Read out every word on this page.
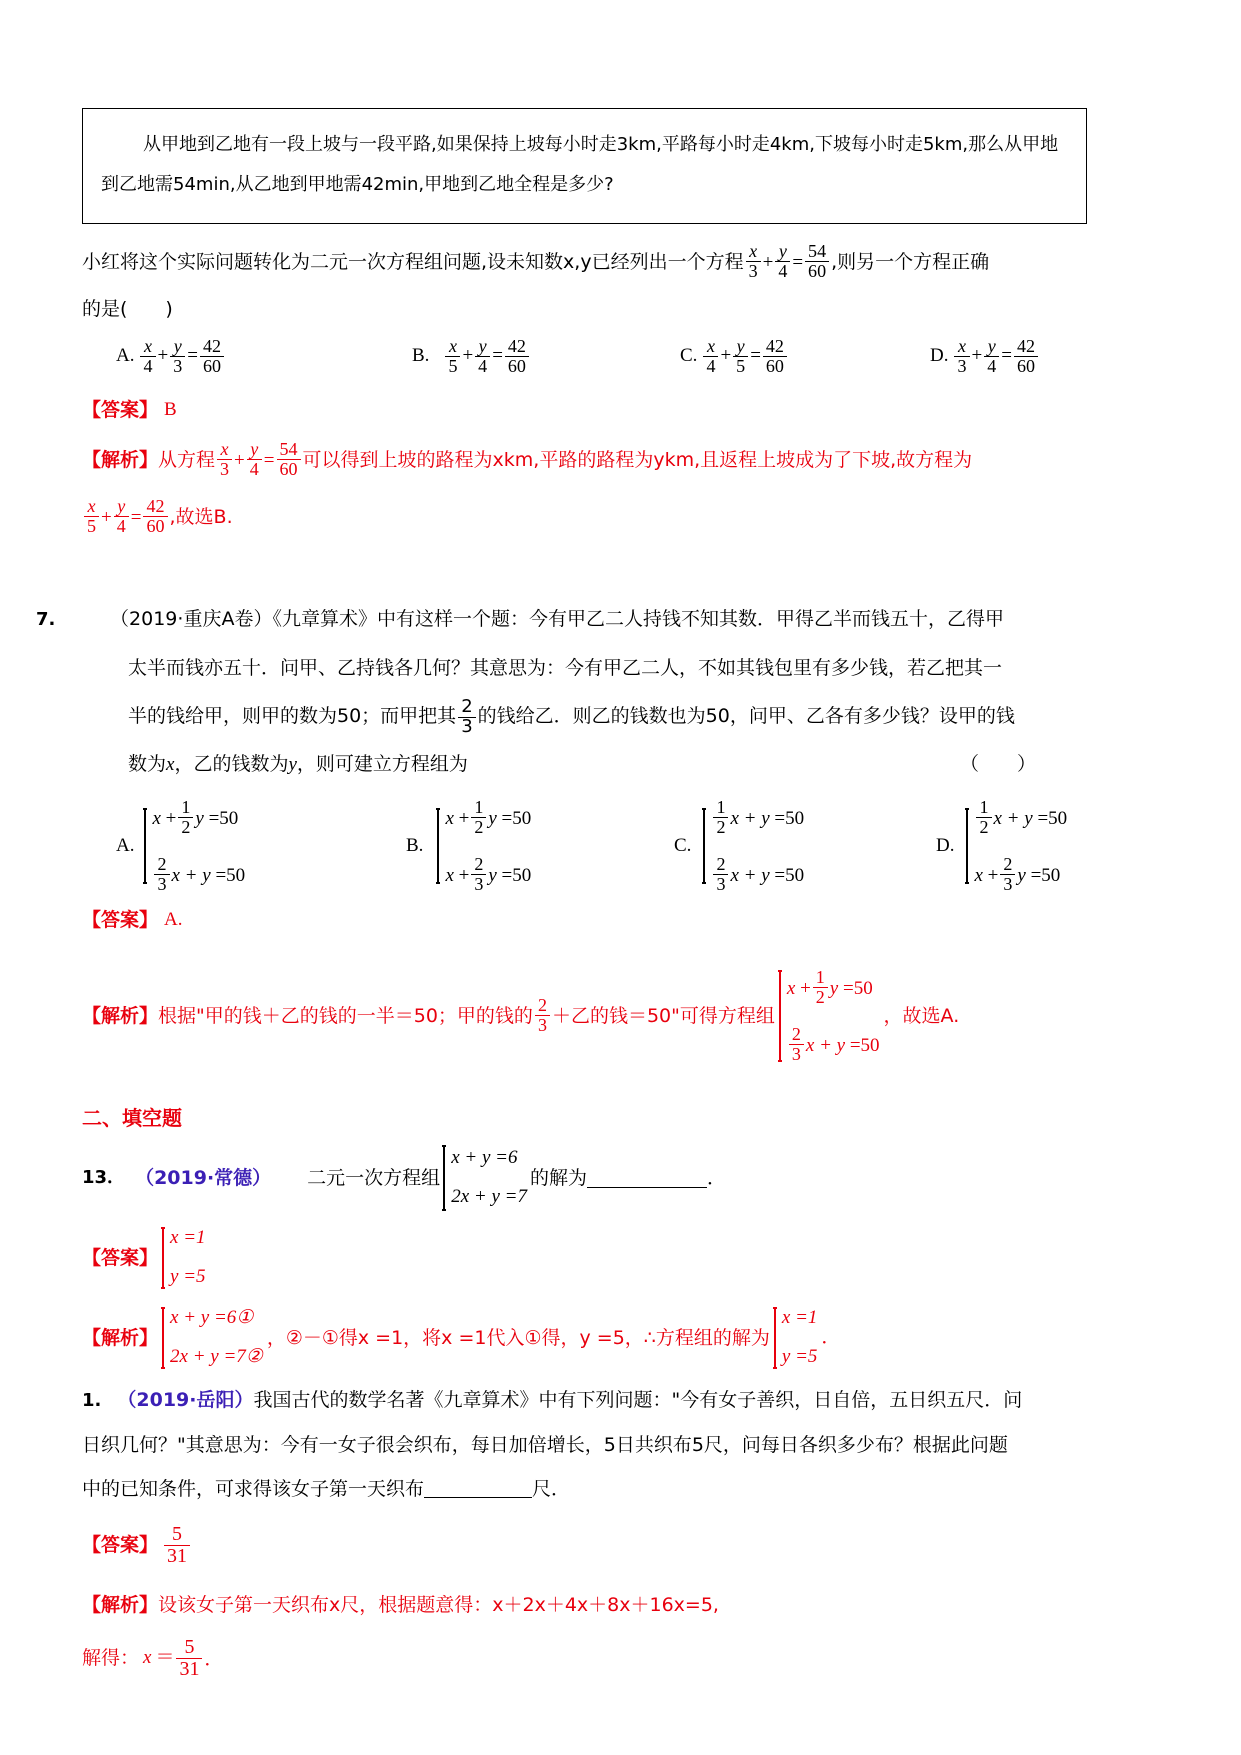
从甲地到乙地有一段上坡与一段平路,如果保持上坡每小时走3km,平路每小时走4km,下坡每小时走5km,那么从甲地到乙地需54min,从乙地到甲地需42min,甲地到乙地全程是多少?

小红将这个实际问题转化为二元一次方程组问题,设未知数x,y已经列出一个方程 $\frac{x}{3} + \frac{y}{4} = \frac{54}{60}$ ,则另一个方程正确
的是(　　)
A. $\frac{x}{4} + \frac{y}{3} = \frac{42}{60}$	B. $\frac{x}{5} + \frac{y}{4} = \frac{42}{60}$	C. $\frac{x}{4} + \frac{y}{5} = \frac{42}{60}$	D. $\frac{x}{3} + \frac{y}{4} = \frac{42}{60}$
【答案】 B
【解析】从方程 $\frac{x}{3} + \frac{y}{4} = \frac{54}{60}$ 可以得到上坡的路程为xkm,平路的路程为ykm,且返程上坡成为了下坡,故方程为
$\frac{x}{5} + \frac{y}{4} = \frac{42}{60}$ ,故选B.
7.	（2019·重庆A卷）《九章算术》中有这样一个题：今有甲乙二人持钱不知其数．甲得乙半而钱五十，乙得甲
太半而钱亦五十．问甲、乙持钱各几何？其意思为：今有甲乙二人，不如其钱包里有多少钱，若乙把其一
半的钱给甲，则甲的数为50；而甲把其 $\frac{2}{3}$ 的钱给乙．则乙的钱数也为50，问甲、乙各有多少钱？设甲的钱
数为x，乙的钱数为y，则可建立方程组为	（　　）
A.
$x + \frac{1}{2}$ y =50
$\frac{2}{3}$ x + y =50
B.
$x + \frac{1}{2}$ y =50
$x + \frac{2}{3}$ y =50
C.
$\frac{1}{2}$ x + y =50
$\frac{2}{3}$ x + y =50
D.
$\frac{1}{2}$ x + y =50
$x + \frac{2}{3}$ y =50
【答案】 A.
【解析】 根据"甲的钱＋乙的钱的一半＝50；甲的钱的 $\frac{2}{3}$ ＋乙的钱＝50"可得方程组
$x + \frac{1}{2}$ y =50
$\frac{2}{3}$ x + y =50
，故选A.
二、填空题
13． （2019·常德） 二元一次方程组
x + y =6
2x + y =7
的解为	．
【答案】
x =1
y =5
【解析】
x + y =6①
2x + y =7②
，②－①得x =1，将x =1代入①得，y =5，∴方程组的解为
x =1
y =5
．
1. （2019·岳阳）我国古代的数学名著《九章算术》中有下列问题："今有女子善织，日自倍，五日织五尺．问
日织几何？"其意思为：今有一女子很会织布，每日加倍增长，5日共织布5尺，问每日各织多少布？根据此问题
中的已知条件，可求得该女子第一天织布	尺．
【答案】 $\frac{5}{31}$
【解析】 设该女子第一天织布x尺，根据题意得：x＋2x＋4x＋8x＋16x=5,
解得： $x = \frac{5}{31}$ ．
